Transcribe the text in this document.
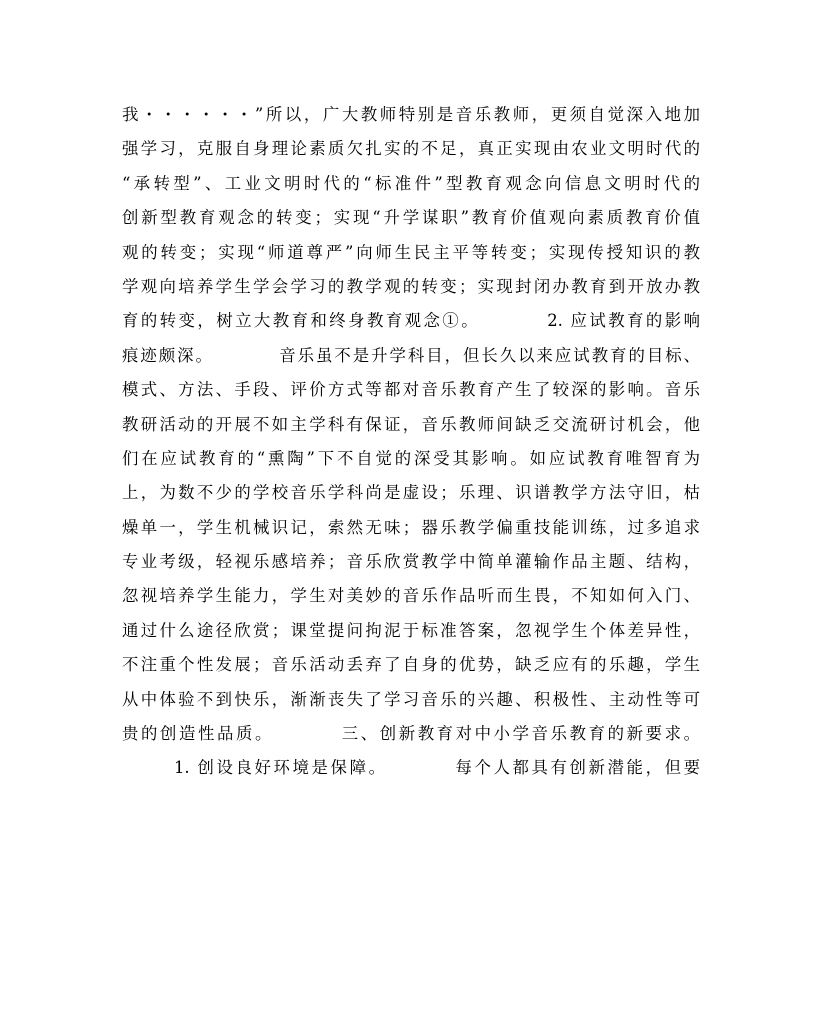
我・・・・・・”所以，广大教师特别是音乐教师，更须自觉深入地加

强学习，克服自身理论素质欠扎实的不足，真正实现由农业文明时代的

“承转型”、工业文明时代的“标准件”型教育观念向信息文明时代的

创新型教育观念的转变；实现“升学谋职”教育价值观向素质教育价值

观的转变；实现“师道尊严”向师生民主平等转变；实现传授知识的教

学观向培养学生学会学习的教学观的转变；实现封闭办教育到开放办教

育的转变，树立大教育和终身教育观念①。　　　　2. 应试教育的影响

痕迹颇深。　　　　音乐虽不是升学科目，但长久以来应试教育的目标、

模式、方法、手段、评价方式等都对音乐教育产生了较深的影响。音乐

教研活动的开展不如主学科有保证，音乐教师间缺乏交流研讨机会，他

们在应试教育的“熏陶”下不自觉的深受其影响。如应试教育唯智育为

上，为数不少的学校音乐学科尚是虚设；乐理、识谱教学方法守旧，枯

燥单一，学生机械识记，索然无味；器乐教学偏重技能训练，过多追求

专业考级，轻视乐感培养；音乐欣赏教学中简单灌输作品主题、结构，

忽视培养学生能力，学生对美妙的音乐作品听而生畏，不知如何入门、

通过什么途径欣赏；课堂提问拘泥于标准答案，忽视学生个体差异性，

不注重个性发展；音乐活动丢弃了自身的优势，缺乏应有的乐趣，学生

从中体验不到快乐，渐渐丧失了学习音乐的兴趣、积极性、主动性等可

贵的创造性品质。　　　　三、创新教育对中小学音乐教育的新要求。

1. 创设良好环境是保障。　　　　每个人都具有创新潜能，但要
